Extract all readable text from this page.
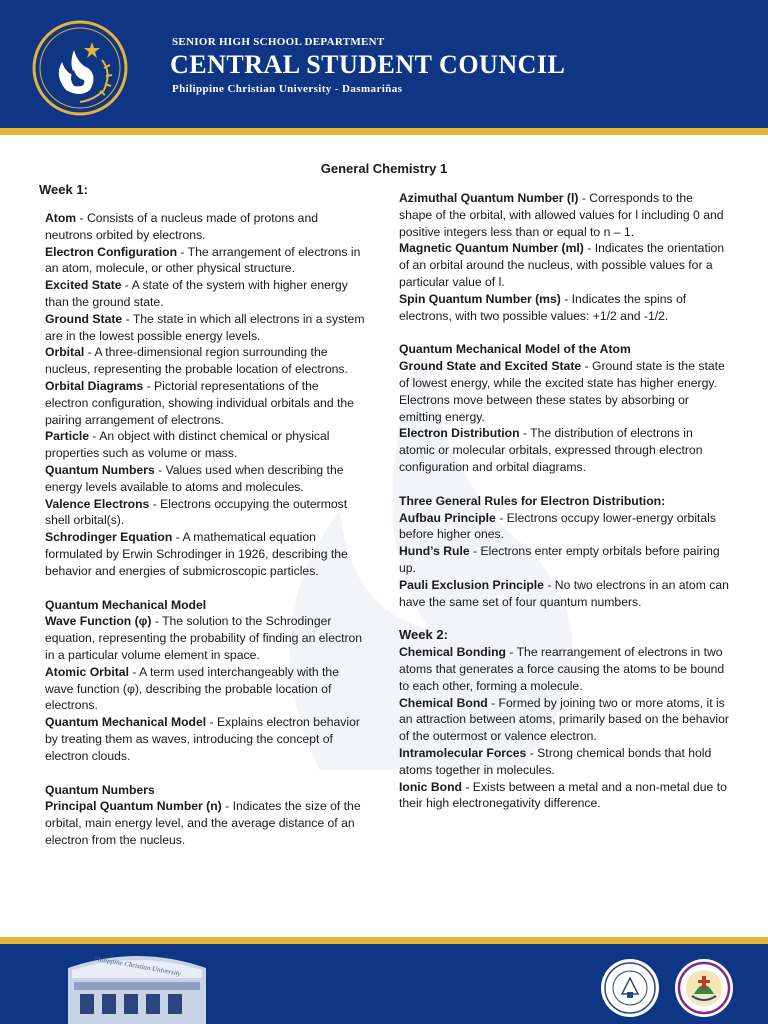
SENIOR HIGH SCHOOL DEPARTMENT
CENTRAL STUDENT COUNCIL
Philippine Christian University - Dasmariñas
General Chemistry 1
Week 1:

Atom - Consists of a nucleus made of protons and neutrons orbited by electrons.

Electron Configuration - The arrangement of electrons in an atom, molecule, or other physical structure.

Excited State - A state of the system with higher energy than the ground state.

Ground State - The state in which all electrons in a system are in the lowest possible energy levels.

Orbital - A three-dimensional region surrounding the nucleus, representing the probable location of electrons.

Orbital Diagrams - Pictorial representations of the electron configuration, showing individual orbitals and the pairing arrangement of electrons.

Particle - An object with distinct chemical or physical properties such as volume or mass.

Quantum Numbers - Values used when describing the energy levels available to atoms and molecules.

Valence Electrons - Electrons occupying the outermost shell orbital(s).

Schrodinger Equation - A mathematical equation formulated by Erwin Schrodinger in 1926, describing the behavior and energies of submicroscopic particles.

Quantum Mechanical Model

Wave Function (φ) - The solution to the Schrodinger equation, representing the probability of finding an electron in a particular volume element in space.

Atomic Orbital - A term used interchangeably with the wave function (φ), describing the probable location of electrons.

Quantum Mechanical Model - Explains electron behavior by treating them as waves, introducing the concept of electron clouds.

Quantum Numbers

Principal Quantum Number (n) - Indicates the size of the orbital, main energy level, and the average distance of an electron from the nucleus.

Azimuthal Quantum Number (l) - Corresponds to the shape of the orbital, with allowed values for l including 0 and positive integers less than or equal to n – 1.

Magnetic Quantum Number (ml) - Indicates the orientation of an orbital around the nucleus, with possible values for a particular value of l.

Spin Quantum Number (ms) - Indicates the spins of electrons, with two possible values: +1/2 and -1/2.

Quantum Mechanical Model of the Atom

Ground State and Excited State - Ground state is the state of lowest energy, while the excited state has higher energy. Electrons move between these states by absorbing or emitting energy.

Electron Distribution - The distribution of electrons in atomic or molecular orbitals, expressed through electron configuration and orbital diagrams.

Three General Rules for Electron Distribution:

Aufbau Principle - Electrons occupy lower-energy orbitals before higher ones.

Hund’s Rule - Electrons enter empty orbitals before pairing up.

Pauli Exclusion Principle - No two electrons in an atom can have the same set of four quantum numbers.

Week 2:

Chemical Bonding - The rearrangement of electrons in two atoms that generates a force causing the atoms to be bound to each other, forming a molecule.

Chemical Bond - Formed by joining two or more atoms, it is an attraction between atoms, primarily based on the behavior of the outermost or valence electron.

Intramolecular Forces - Strong chemical bonds that hold atoms together in molecules.

Ionic Bond - Exists between a metal and a non-metal due to their high electronegativity difference.

Philippine Christian University
